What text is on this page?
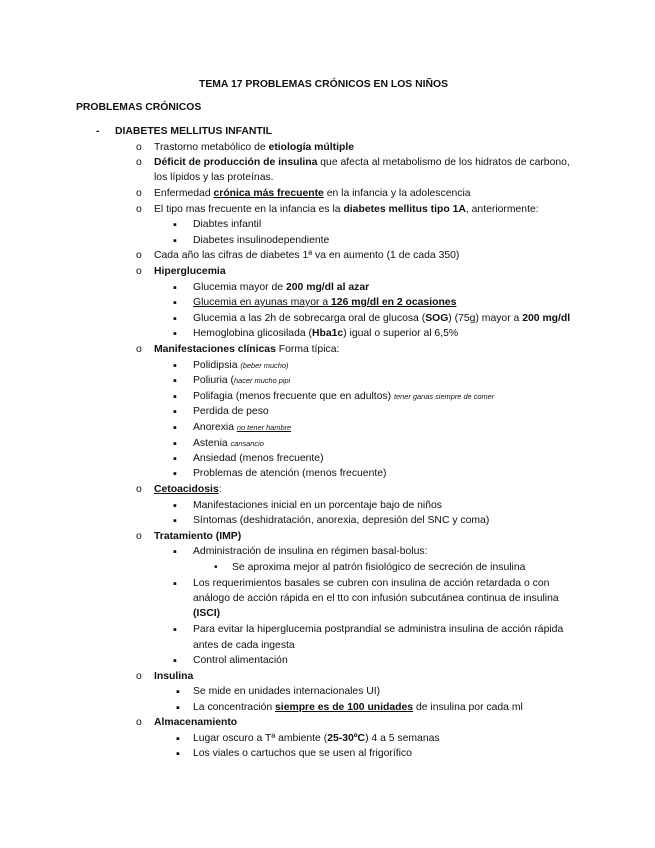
TEMA 17 PROBLEMAS CRÓNICOS EN LOS NIÑOS
PROBLEMAS CRÓNICOS
- DIABETES MELLITUS INFANTIL
o Trastorno metabólico de etiología múltiple
o Déficit de producción de insulina que afecta al metabolismo de los hidratos de carbono,
los lípidos y las proteínas.
o Enfermedad crónica más frecuente en la infancia y la adolescencia
o El tipo mas frecuente en la infancia es la diabetes mellitus tipo 1A, anteriormente:
▪ Diabtes infantil
▪ Diabetes insulinodependiente
o Cada año las cifras de diabetes 1ª va en aumento (1 de cada 350)
o Hiperglucemia
▪ Glucemia mayor de 200 mg/dl al azar
▪ Glucemia en ayunas mayor a 126 mg/dl en 2 ocasiones
▪ Glucemia a las 2h de sobrecarga oral de glucosa (SOG) (75g) mayor a 200 mg/dl
▪ Hemoglobina glicosilada (Hba1c) igual o superior al 6,5%
o Manifestaciones clínicas Forma típica:
▪ Polidipsia (beber mucho)
▪ Poliuria (hacer mucho pipi
▪ Polifagia (menos frecuente que en adultos) tener ganas siempre de comer
▪ Perdida de peso
▪ Anorexia no tener hambre
▪ Astenia cansancio
▪ Ansiedad (menos frecuente)
▪ Problemas de atención (menos frecuente)
o Cetoacidosis:
▪ Manifestaciones inicial en un porcentaje bajo de niños
▪ Síntomas (deshidratación, anorexia, depresión del SNC y coma)
o Tratamiento (IMP)
▪ Administración de insulina en régimen basal-bolus:
• Se aproxima mejor al patrón fisiológico de secreción de insulina
▪ Los requerimientos basales se cubren con insulina de acción retardada o con
análogo de acción rápida en el tto con infusión subcutánea continua de insulina
(ISCI)
▪ Para evitar la hiperglucemia postprandial se administra insulina de acción rápida
antes de cada ingesta
▪ Control alimentación
o Insulina
▪ Se mide en unidades internacionales UI)
▪ La concentración siempre es de 100 unidades de insulina por cada ml
o Almacenamiento
▪ Lugar oscuro a Tª ambiente (25-30ºC) 4 a 5 semanas
▪ Los viales o cartuchos que se usen al frigorífico
